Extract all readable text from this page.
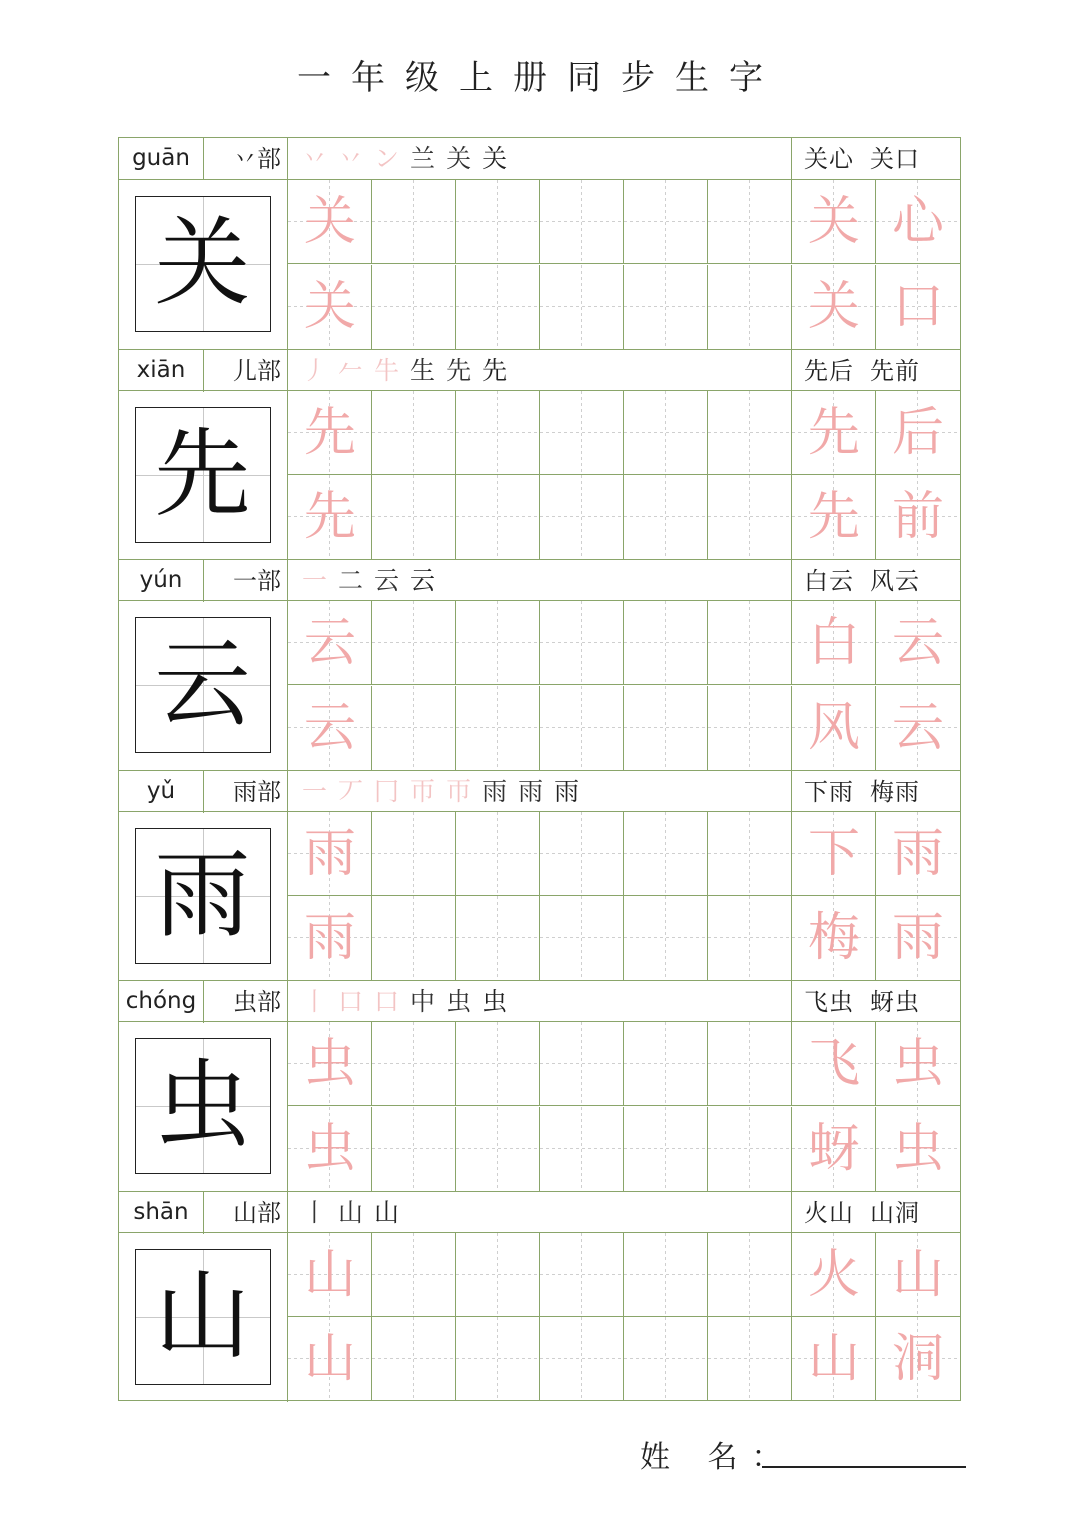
一年级上册同步生字
guān	丷部 丷 丷 ン 兰 关 关	关心 关口
关	关	关 心
关	关 口
xiān	儿部 丿 𠂉 牛 生 先 先	先后 先前
先	先	先 后
先	先 前
yún	一部 一 二 云 云	白云 风云
云	云	白 云
云	风 云
yǔ	雨部 一 丆 冂 帀 帀 雨 雨 雨	下雨 梅雨
雨	雨	下 雨
雨	梅 雨
chóng	虫部 丨 口 口 中 虫 虫	飞虫 蚜虫
虫	虫	飞 虫
虫	蚜 虫
shān	山部 丨 山 山	火山 山洞
山	山	火 山
山	山 洞
姓 名：
